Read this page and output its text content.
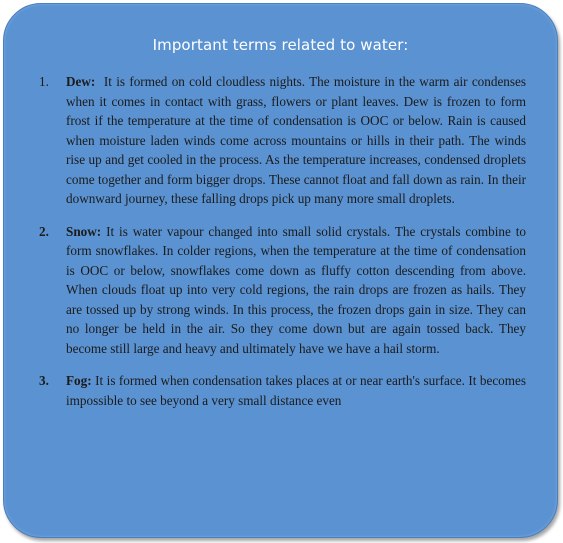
Important terms related to water:
1.	Dew: It is formed on cold cloudless nights. The moisture in the warm air condenses when it comes in contact with grass, flowers or plant leaves. Dew is frozen to form frost if the temperature at the time of condensation is OOC or below. Rain is caused when moisture laden winds come across mountains or hills in their path. The winds rise up and get cooled in the process. As the temperature increases, condensed droplets come together and form bigger drops. These cannot float and fall down as rain. In their downward journey, these falling drops pick up many more small droplets.
2.	Snow: It is water vapour changed into small solid crystals. The crystals combine to form snowflakes. In colder regions, when the temperature at the time of condensation is OOC or below, snowflakes come down as fluffy cotton descending from above. When clouds float up into very cold regions, the rain drops are frozen as hails. They are tossed up by strong winds. In this process, the frozen drops gain in size. They can no longer be held in the air. So they come down but are again tossed back. They become still large and heavy and ultimately have we have a hail storm.
3.	Fog: It is formed when condensation takes places at or near earth's surface. It becomes impossible to see beyond a very small distance even
